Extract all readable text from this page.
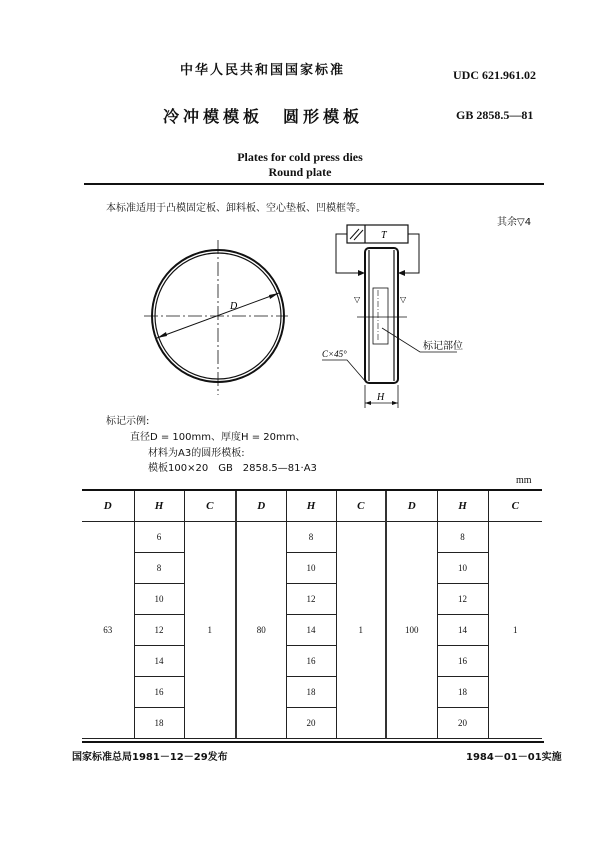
中华人民共和国国家标准	UDC 621.961.02
冷冲模模板　圆形模板	GB 2858.5—81
Plates for cold press dies
Round plate
本标准适用于凸模固定板、卸料板、空心垫板、凹模框等。
其余▽4
D
T
▽	▽
标记部位
C×45°
H
标记示例:
直径D = 100mm、厚度H = 20mm、
材料为A3的圆形模板:
模板100×20　GB　2858.5—81·A3
mm
D	H	C	D	H	C	D	H	C
63	6	1	80	8	1	100	8	1
	8			10			10	
	10			12			12	
	12			14			14	
	14			16			16	
	16			18			18	
	18			20			20	
国家标准总局1981－12－29发布	1984－01－01实施
